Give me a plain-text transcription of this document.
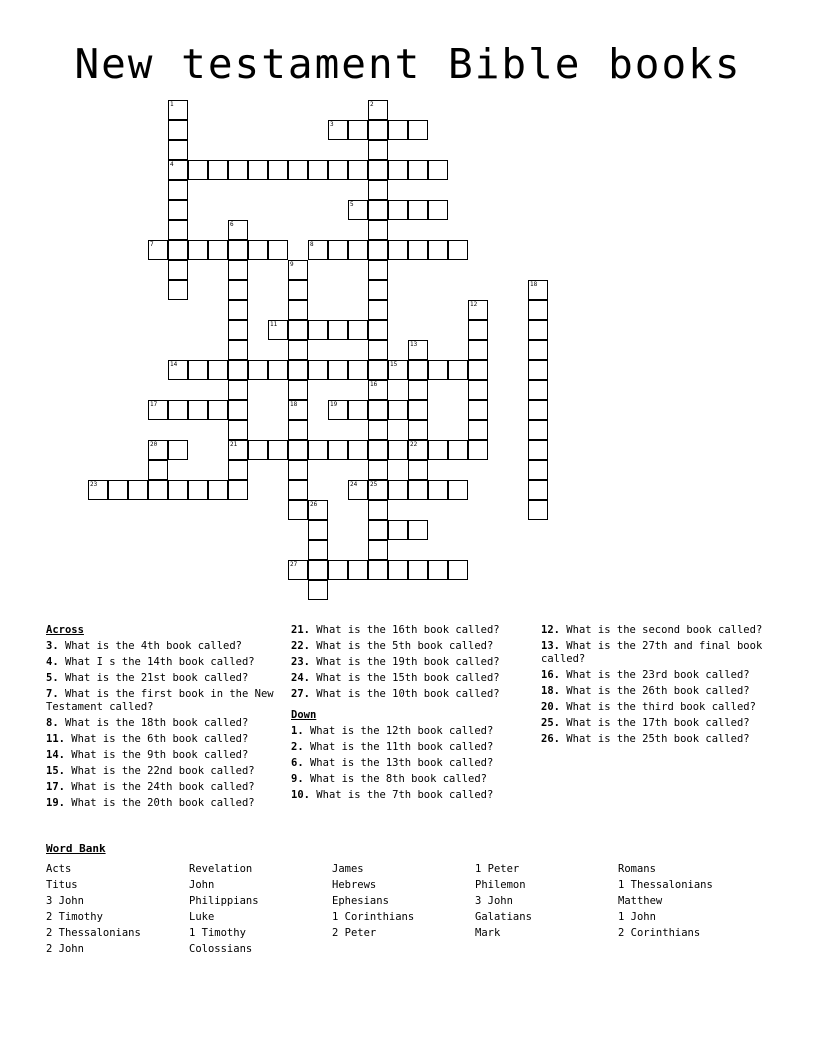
New testament Bible books
1	2
3
4
5
6
7	8
9
18
12
11
13
14	15
16
17	18	19
20	21	22
23	24 25
26
27
Across
3. What is the 4th book called?
4. What I s the 14th book called?
5. What is the 21st book called?
7. What is the first book in the New Testament called?
8. What is the 18th book called?
11. What is the 6th book called?
14. What is the 9th book called?
15. What is the 22nd book called?
17. What is the 24th book called?
19. What is the 20th book called?
21. What is the 16th book called?
22. What is the 5th book called?
23. What is the 19th book called?
24. What is the 15th book called?
27. What is the 10th book called?
Down
1. What is the 12th book called?
2. What is the 11th book called?
6. What is the 13th book called?
9. What is the 8th book called?
10. What is the 7th book called?
12. What is the second book called?
13. What is the 27th and final book called?
16. What is the 23rd book called?
18. What is the 26th book called?
20. What is the third book called?
25. What is the 17th book called?
26. What is the 25th book called?
Word Bank
Acts
Titus
3 John
2 Timothy
2 Thessalonians
2 John
Revelation
John
Philippians
Luke
1 Timothy
Colossians
James
Hebrews
Ephesians
1 Corinthians
2 Peter
1 Peter
Philemon
3 John
Galatians
Mark
Romans
1 Thessalonians
Matthew
1 John
2 Corinthians
